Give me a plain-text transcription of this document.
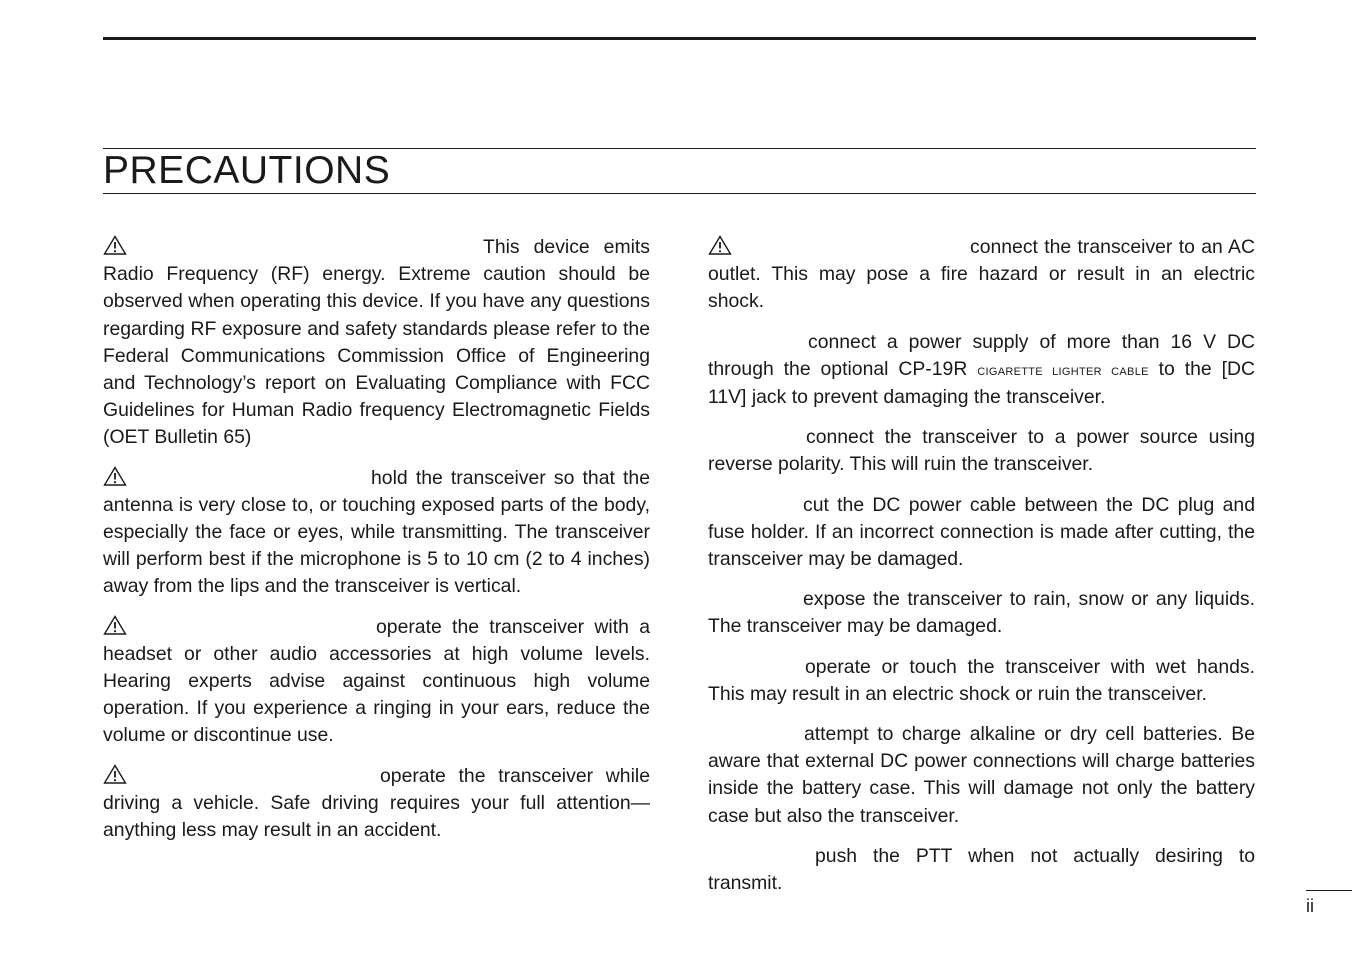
PRECAUTIONS

This device emits Radio Frequency (RF) energy. Extreme caution should be observed when operating this device. If you have any questions regarding RF exposure and safety standards please refer to the Federal Communications Commission Office of Engineering and Technology’s report on Evaluating Compliance with FCC Guidelines for Human Radio frequency Electromagnetic Fields (OET Bulletin 65)

hold the transceiver so that the antenna is very close to, or touching exposed parts of the body, especially the face or eyes, while transmitting. The transceiver will perform best if the microphone is 5 to 10 cm (2 to 4 inches) away from the lips and the transceiver is vertical.

operate the transceiver with a headset or other audio accessories at high volume levels. Hearing experts advise against continuous high volume operation. If you experience a ringing in your ears, reduce the volume or discontinue use.

operate the transceiver while driving a vehicle. Safe driving requires your full attention—anything less may result in an accident.

connect the transceiver to an AC outlet. This may pose a fire hazard or result in an electric shock.

connect a power supply of more than 16 V DC through the optional CP-19R cigarette lighter cable to the [DC 11V] jack to prevent damaging the transceiver.

connect the transceiver to a power source using reverse polarity. This will ruin the transceiver.

cut the DC power cable between the DC plug and fuse holder. If an incorrect connection is made after cutting, the transceiver may be damaged.

expose the transceiver to rain, snow or any liquids. The transceiver may be damaged.

operate or touch the transceiver with wet hands. This may result in an electric shock or ruin the transceiver.

attempt to charge alkaline or dry cell batteries. Be aware that external DC power connections will charge batteries inside the battery case. This will damage not only the battery case but also the transceiver.

push the PTT when not actually desiring to transmit.

ii
